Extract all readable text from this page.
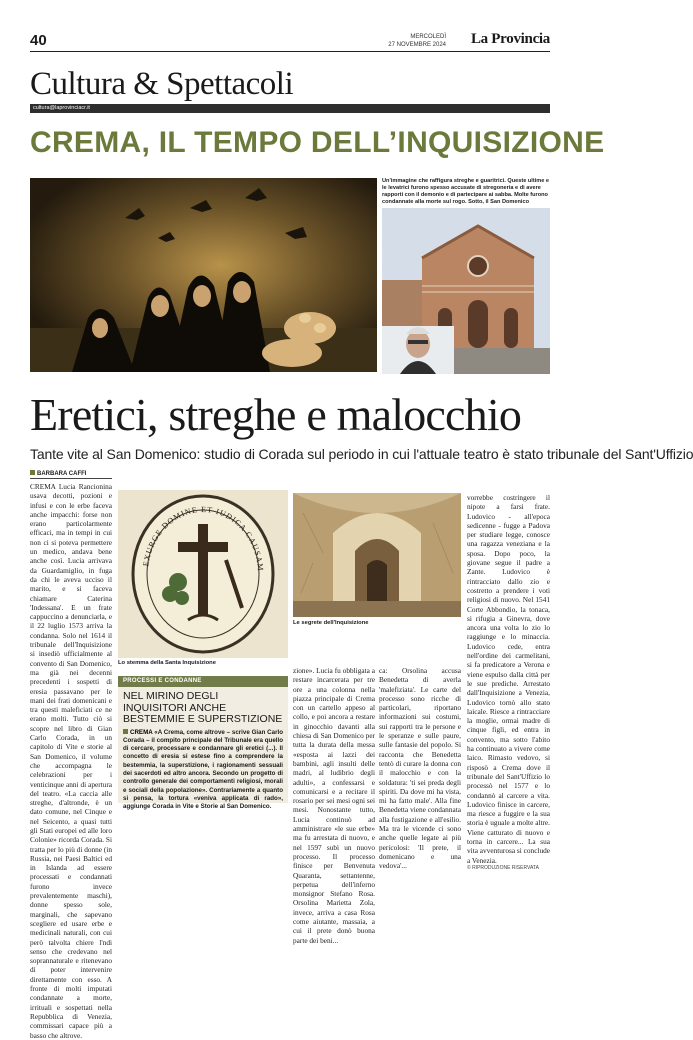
40	MERCOLEDÌ
27 NOVEMBRE 2024 La Provincia
Cultura & Spettacoli
cultura@laprovinciacr.it
CREMA, IL TEMPO DELL’INQUISIZIONE
Un'immagine che raffigura streghe e guaritrici. Queste ultime e le levatrici furono spesso accusate di stregoneria e di avere rapporti con il demonio e di partecipare ai sabba. Molte furono condannate alla morte sul rogo. Sotto, il San Domenico
Eretici, streghe e malocchio
Tante vite al San Domenico: studio di Corada sul periodo in cui l'attuale teatro è stato tribunale del Sant'Uffizio
BARBARA CAFFI
CREMA Lucia Rancionina usava decotti, pozioni e infusi e con le erbe faceva anche impacchi: forse non erano particolarmente efficaci, ma in tempi in cui non ci si poteva permettere un medico, andava bene anche così. Lucia arrivava da Guardamiglio, in fuga da chi le aveva ucciso il marito, e si faceva chiamare Caterina 'Indessana'. E un frate cappuccino a denunciarla, e il 22 luglio 1573 arriva la condanna. Solo nel 1614 il tribunale dell'Inquisizione si insediò ufficialmente al convento di San Domenico, ma già nei decenni precedenti i sospetti di eresia passavano per le mani dei frati domenicani e tra questi maleficiati ce ne erano molti. Tutto ciò si scopre nel libro di Gian Carlo Corada, in un capitolo di Vite e storie al San Domenico, il volume che accompagna le celebrazioni per i venticinque anni di apertura del teatro. «La caccia alle streghe, d'altronde, è un dato comune, nel Cinque e nel Seicento, a quasi tutti gli Stati europei ed alle loro Colonie» ricorda Corada. Si tratta per lo più di donne (in Russia, nei Paesi Baltici ed in Islanda ad essere processati e condannati furono invece prevalentemente maschi), donne spesso sole, marginali, che sapevano scegliere ed usare erbe e medicinali naturali, con cui però talvolta chiere l'ndi senso che credevano nel soprannaturale e ritenevano di poter intervenire direttamente con esso. A fronte di molti imputati condannate a morte, irrituali e sospettati nella Repubblica di Venezia, commissari capace più a basso che altrove.
EXURGE DOMINE ET IUDICA CAUSAM
Lo stemma della Santa Inquisizione
Le segrete dell'Inquisizione
PROCESSI E CONDANNE
NEL MIRINO DEGLI INQUISITORI ANCHE BESTEMMIE E SUPERSTIZIONE
CREMA «A Crema, come altrove – scrive Gian Carlo Corada – il compito principale del Tribunale era quello di cercare, processare e condannare gli eretici (...). Il concetto di eresia si estese fino a comprendere la bestemmia, la superstizione, i ragionamenti sessuali dei sacerdoti ed altro ancora. Secondo un progetto di controllo generale dei comportamenti religiosi, morali e sociali della popolazione». Contrariamente a quanto si pensa, la tortura «veniva applicata di rado», aggiunge Corada in Vite e Storie al San Domenico.
zione». Lucia fu obbligata a restare incarcerata per tre ore a una colonna nella piazza principale di Crema con un cartello appeso al collo, e poi ancora a restare in ginocchio davanti alla chiesa di San Domenico per tutta la durata della messa «esposta ai lazzi dei bambini, agli insulti delle madri, al ludibrio degli adulti», a confessarsi e comunicarsi e a recitare il rosario per sei mesi ogni sei mesi. Nonostante tutto, Lucia continuò ad amministrare «le sue erbe» ma fu arrestata di nuovo, e nel 1597 subì un nuovo processo. Il processo finisce per Benvenuta Quaranta, settantenne, perpetua dell'inferno monsignor Stefano Rosa. Orsolina Marietta Zola, invece, arriva a casa Rosa come aiutante, massaia, a cui il prete donò buona parte dei beni...
ca: Orsolina accusa Benedetta di averla 'malefiziata'. Le carte del processo sono ricche di particolari, riportano informazioni sui costumi, sui rapporti tra le persone e le speranze e sulle paure, sulle fantasie del popolo. Si racconta che Benedetta tentò di curare la donna con il malocchio e con la soldatura: 'ti sei preda degli spiriti. Da dove mi ha vista, mi ha fatto male'. Alla fine Benedetta viene condannata alla fustigazione e all'esilio. Ma tra le vicende ci sono anche quelle legate ai più pericolosi: 'Il prete, il domenicano e una vedova'...
vorrebbe costringere il nipote a farsi frate. Ludovico - all'epoca sedicenne - fugge a Padova per studiare legge, conosce una ragazza veneziana e la sposa. Dopo poco, la giovane segue il padre a Zante. Ludovico è rintracciato dallo zio e costretto a prendere i voti religiosi di nuovo. Nel 1541 Corte Abbondio, la tonaca, si rifugia a Ginevra, dove ancora una volta lo zio lo raggiunge e lo minaccia. Ludovico cede, entra nell'ordine dei carmelitani, si fa predicatore a Verona e viene espulso dalla città per le sue prediche. Arrestato dall'Inquisizione a Venezia, Ludovico tornò allo stato laicale. Riesce a rintracciare la moglie, ormai madre di cinque figli, ed entra in convento, ma sotto l'abito ha continuato a vivere come laico. Rimasto vedovo, si risposò a Crema dove il tribunale del Sant'Uffizio lo processò nel 1577 e lo condannò al carcere a vita. Ludovico finisce in carcere, ma riesce a fuggire e la sua storia è uguale a molte altre. Viene catturato di nuovo e torna in carcere... La sua vita avventurosa si conclude a Venezia.
© RIPRODUZIONE RISERVATA
